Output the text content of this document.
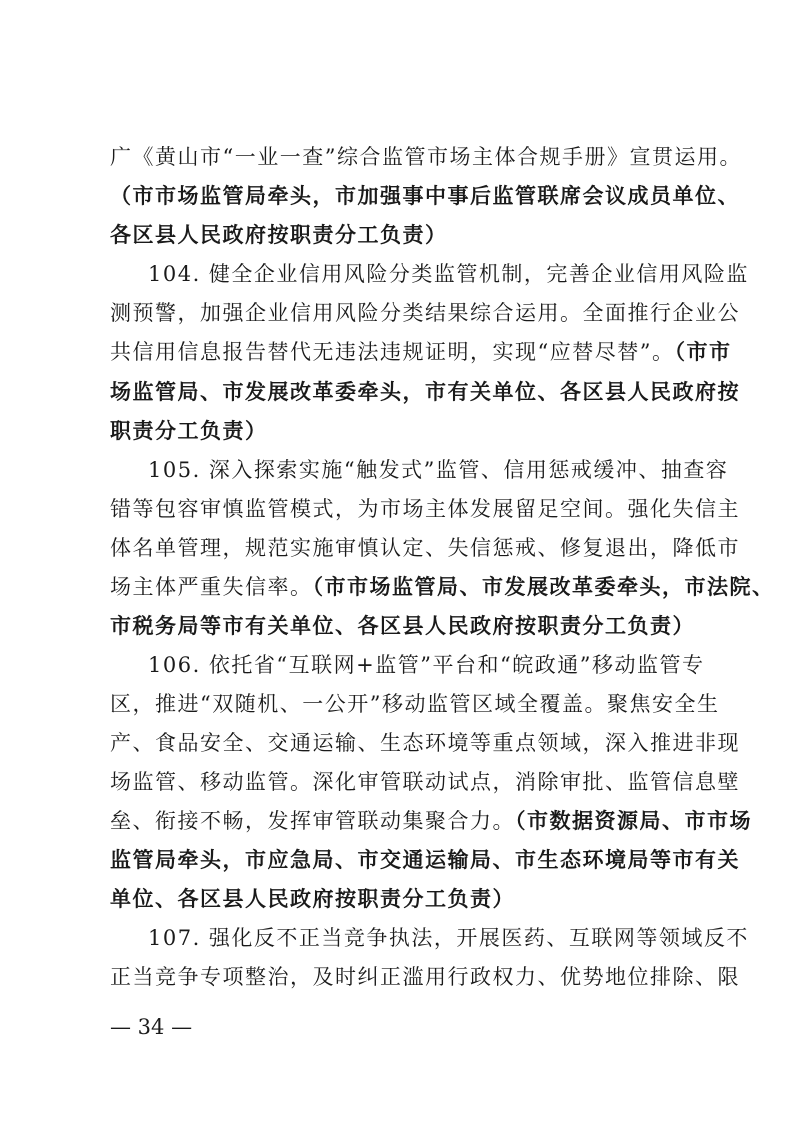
广《黄山市“一业一查”综合监管市场主体合规手册》宣贯运用。
（市市场监管局牵头，市加强事中事后监管联席会议成员单位、
各区县人民政府按职责分工负责）
104. 健全企业信用风险分类监管机制，完善企业信用风险监
测预警，加强企业信用风险分类结果综合运用。全面推行企业公
共信用信息报告替代无违法违规证明，实现“应替尽替”。（市市
场监管局、市发展改革委牵头，市有关单位、各区县人民政府按
职责分工负责）
105. 深入探索实施“触发式”监管、信用惩戒缓冲、抽查容
错等包容审慎监管模式，为市场主体发展留足空间。强化失信主
体名单管理，规范实施审慎认定、失信惩戒、修复退出，降低市
场主体严重失信率。（市市场监管局、市发展改革委牵头，市法院、
市税务局等市有关单位、各区县人民政府按职责分工负责）
106. 依托省“互联网+监管”平台和“皖政通”移动监管专
区，推进“双随机、一公开”移动监管区域全覆盖。聚焦安全生
产、食品安全、交通运输、生态环境等重点领域，深入推进非现
场监管、移动监管。深化审管联动试点，消除审批、监管信息壁
垒、衔接不畅，发挥审管联动集聚合力。（市数据资源局、市市场
监管局牵头，市应急局、市交通运输局、市生态环境局等市有关
单位、各区县人民政府按职责分工负责）
107. 强化反不正当竞争执法，开展医药、互联网等领域反不
正当竞争专项整治，及时纠正滥用行政权力、优势地位排除、限
— 34 —
